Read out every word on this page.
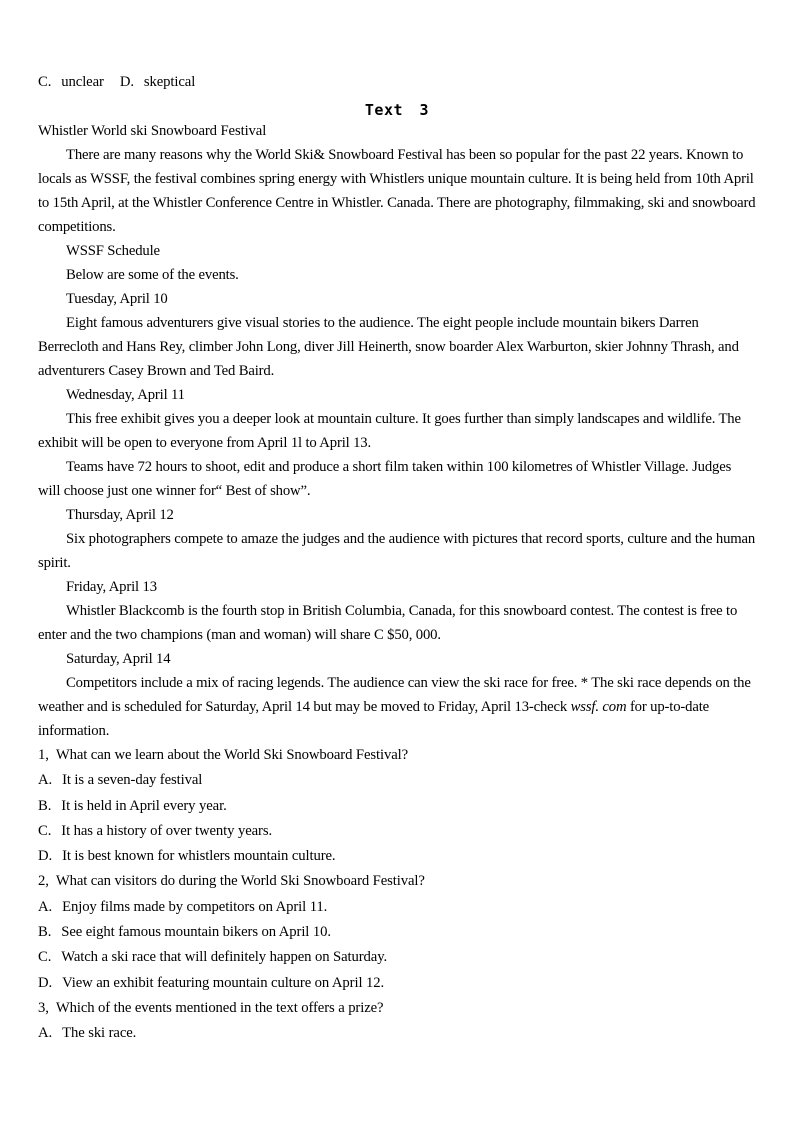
C. unclear D. skeptical
Text 3
Whistler World ski Snowboard Festival

There are many reasons why the World Ski& Snowboard Festival has been so popular for the past 22 years. Known to locals as WSSF, the festival combines spring energy with Whistlers unique mountain culture. It is being held from 10th April to 15th April, at the Whistler Conference Centre in Whistler. Canada. There are photography, filmmaking, ski and snowboard competitions.

WSSF Schedule

Below are some of the events.

Tuesday, April 10

Eight famous adventurers give visual stories to the audience. The eight people include mountain bikers Darren Berrecloth and Hans Rey, climber John Long, diver Jill Heinerth, snow boarder Alex Warburton, skier Johnny Thrash, and adventurers Casey Brown and Ted Baird.

Wednesday, April 11

This free exhibit gives you a deeper look at mountain culture. It goes further than simply landscapes and wildlife. The exhibit will be open to everyone from April 1l to April 13.

Teams have 72 hours to shoot, edit and produce a short film taken within 100 kilometres of Whistler Village. Judges will choose just one winner for“ Best of show”.

Thursday, April 12

Six photographers compete to amaze the judges and the audience with pictures that record sports, culture and the human spirit.

Friday, April 13

Whistler Blackcomb is the fourth stop in British Columbia, Canada, for this snowboard contest. The contest is free to enter and the two champions (man and woman) will share C $50, 000.

Saturday, April 14

Competitors include a mix of racing legends. The audience can view the ski race for free. * The ski race depends on the weather and is scheduled for Saturday, April 14 but may be moved to Friday, April 13-check wssf. com for up-to-date information.

1, What can we learn about the World Ski Snowboard Festival?

A. It is a seven-day festival

B. It is held in April every year.

C. It has a history of over twenty years.

D. It is best known for whistlers mountain culture.

2, What can visitors do during the World Ski Snowboard Festival?

A. Enjoy films made by competitors on April 11.

B. See eight famous mountain bikers on April 10.

C. Watch a ski race that will definitely happen on Saturday.

D. View an exhibit featuring mountain culture on April 12.

3, Which of the events mentioned in the text offers a prize?

A. The ski race.
